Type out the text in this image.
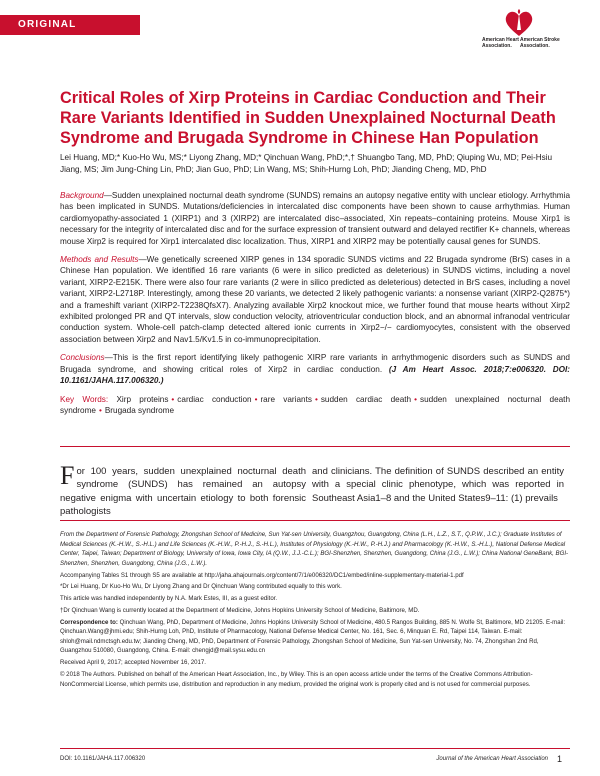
ORIGINAL RESEARCH	American Heart Association.
American Stroke Association.
Critical Roles of Xirp Proteins in Cardiac Conduction and Their Rare Variants Identified in Sudden Unexplained Nocturnal Death Syndrome and Brugada Syndrome in Chinese Han Population

Lei Huang, MD;* Kuo-Ho Wu, MS;* Liyong Zhang, MD;* Qinchuan Wang, PhD;*,† Shuangbo Tang, MD, PhD; Qiuping Wu, MD; Pei-Hsiu Jiang, MS; Jim Jung-Ching Lin, PhD; Jian Guo, PhD; Lin Wang, MS; Shih-Hurng Loh, PhD; Jianding Cheng, MD, PhD

Background—Sudden unexplained nocturnal death syndrome (SUNDS) remains an autopsy negative entity with unclear etiology. Arrhythmia has been implicated in SUNDS. Mutations/deficiencies in intercalated disc components have been shown to cause arrhythmias. Human cardiomyopathy-associated 1 (XIRP1) and 3 (XIRP2) are intercalated disc–associated, Xin repeats–containing proteins. Mouse Xirp1 is necessary for the integrity of intercalated disc and for the surface expression of transient outward and delayed rectifier K+ channels, whereas mouse Xirp2 is required for Xirp1 intercalated disc localization. Thus, XIRP1 and XIRP2 may be potentially causal genes for SUNDS.

Methods and Results—We genetically screened XIRP genes in 134 sporadic SUNDS victims and 22 Brugada syndrome (BrS) cases in a Chinese Han population. We identified 16 rare variants (6 were in silico predicted as deleterious) in SUNDS victims, including a novel variant, XIRP2-E215K. There were also four rare variants (2 were in silico predicted as deleterious) detected in BrS cases, including a novel variant, XIRP2-L2718P. Interestingly, among these 20 variants, we detected 2 likely pathogenic variants: a nonsense variant (XIRP2-Q2875*) and a frameshift variant (XIRP2-T2238QfsX7). Analyzing available Xirp2 knockout mice, we further found that mouse hearts without Xirp2 exhibited prolonged PR and QT intervals, slow conduction velocity, atrioventricular conduction block, and an abnormal infranodal ventricular conduction system. Whole-cell patch-clamp detected altered ionic currents in Xirp2−/− cardiomyocytes, consistent with the observed association between Xirp2 and Nav1.5/Kv1.5 in co-immunoprecipitation.

Conclusions—This is the first report identifying likely pathogenic XIRP rare variants in arrhythmogenic disorders such as SUNDS and Brugada syndrome, and showing critical roles of Xirp2 in cardiac conduction. (J Am Heart Assoc. 2018;7:e006320. DOI: 10.1161/JAHA.117.006320.)

Key Words: Xirp proteins • cardiac conduction • rare variants • sudden cardiac death • sudden unexplained nocturnal death syndrome • Brugada syndrome

For 100 years, sudden unexplained nocturnal death syndrome (SUNDS) has remained an autopsy negative enigma with uncertain etiology to both forensic pathologists

and clinicians. The definition of SUNDS described an entity with a special clinic phenotype, which was reported in Southeast Asia1–8 and the United States9–11: (1) prevails

From the Department of Forensic Pathology, Zhongshan School of Medicine, Sun Yat-sen University, Guangzhou, Guangdong, China (L.H., L.Z., S.T., Q.P.W., J.C.); Graduate Institutes of Medical Sciences (K.-H.W., S.-H.L.) and Life Sciences (K.-H.W., P.-H.J., S.-H.L.), Institutes of Physiology (K.-H.W., P.-H.J.) and Pharmacology (K.-H.W., S.-H.L.), National Defense Medical Center, Taipei, Taiwan; Department of Biology, University of Iowa, Iowa City, IA (Q.W., J.J.-C.L.); BGI-Shenzhen, Shenzhen, Guangdong, China (J.G., L.W.); China National GeneBank, BGI-Shenzhen, Shenzhen, Guangdong, China (J.G., L.W.).

Accompanying Tables S1 through S5 are available at http://jaha.ahajournals.org/content/7/1/e006320/DC1/embed/inline-supplementary-material-1.pdf

*Dr Lei Huang, Dr Kuo-Ho Wu, Dr Liyong Zhang and Dr Qinchuan Wang contributed equally to this work.

This article was handled independently by N.A. Mark Estes, III, as a guest editor.

†Dr Qinchuan Wang is currently located at the Department of Medicine, Johns Hopkins University School of Medicine, Baltimore, MD.

Correspondence to: Qinchuan Wang, PhD, Department of Medicine, Johns Hopkins University School of Medicine, 480.5 Rangos Building, 885 N. Wolfe St, Baltimore, MD 21205. E-mail: Qinchuan.Wang@jhmi.edu; Shih-Hurng Loh, PhD, Institute of Pharmacology, National Defense Medical Center, No. 161, Sec. 6, Minquan E. Rd, Taipei 114, Taiwan. E-mail: shloh@mail.ndmctsgh.edu.tw; Jianding Cheng, MD, PhD, Department of Forensic Pathology, Zhongshan School of Medicine, Sun Yat-sen University, No. 74, Zhongshan 2nd Rd, Guangzhou 510080, Guangdong, China. E-mail: chengjd@mail.sysu.edu.cn

Received April 9, 2017; accepted November 16, 2017.

© 2018 The Authors. Published on behalf of the American Heart Association, Inc., by Wiley. This is an open access article under the terms of the Creative Commons Attribution-NonCommercial License, which permits use, distribution and reproduction in any medium, provided the original work is properly cited and is not used for commercial purposes.

DOI: 10.1161/JAHA.117.006320	Journal of the American Heart Association 1
